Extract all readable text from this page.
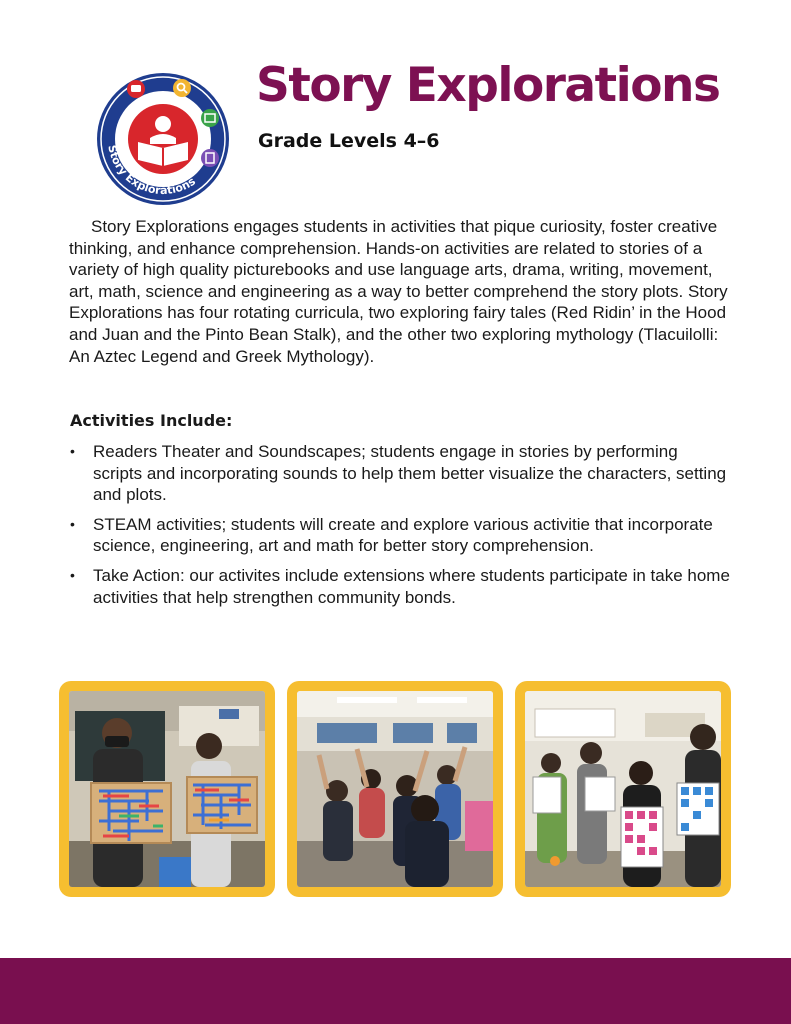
Story Explorations
Story Explorations
Grade Levels 4–6

Story Explorations engages students in activities that pique curiosity, foster creative thinking, and enhance comprehension. Hands-on activities are related to stories of a variety of high quality picturebooks and use language arts, drama, writing, movement, art, math, science and engineering as a way to better comprehend the story plots. Story Explorations has four rotating curricula, two exploring fairy tales (Red Ridin’ in the Hood and Juan and the Pinto Bean Stalk), and the other two exploring mythology (Tlacuilolli: An Aztec Legend and Greek Mythology).

Activities Include:
• Readers Theater and Soundscapes; students engage in stories by performing scripts and incorporating sounds to help them better visualize the characters, setting and plots.
• STEAM activities; students will create and explore various activitie that incorporate science, engineering, art and math for better story comprehension.
• Take Action: our activites include extensions where students participate in take home activities that help strengthen community bonds.
